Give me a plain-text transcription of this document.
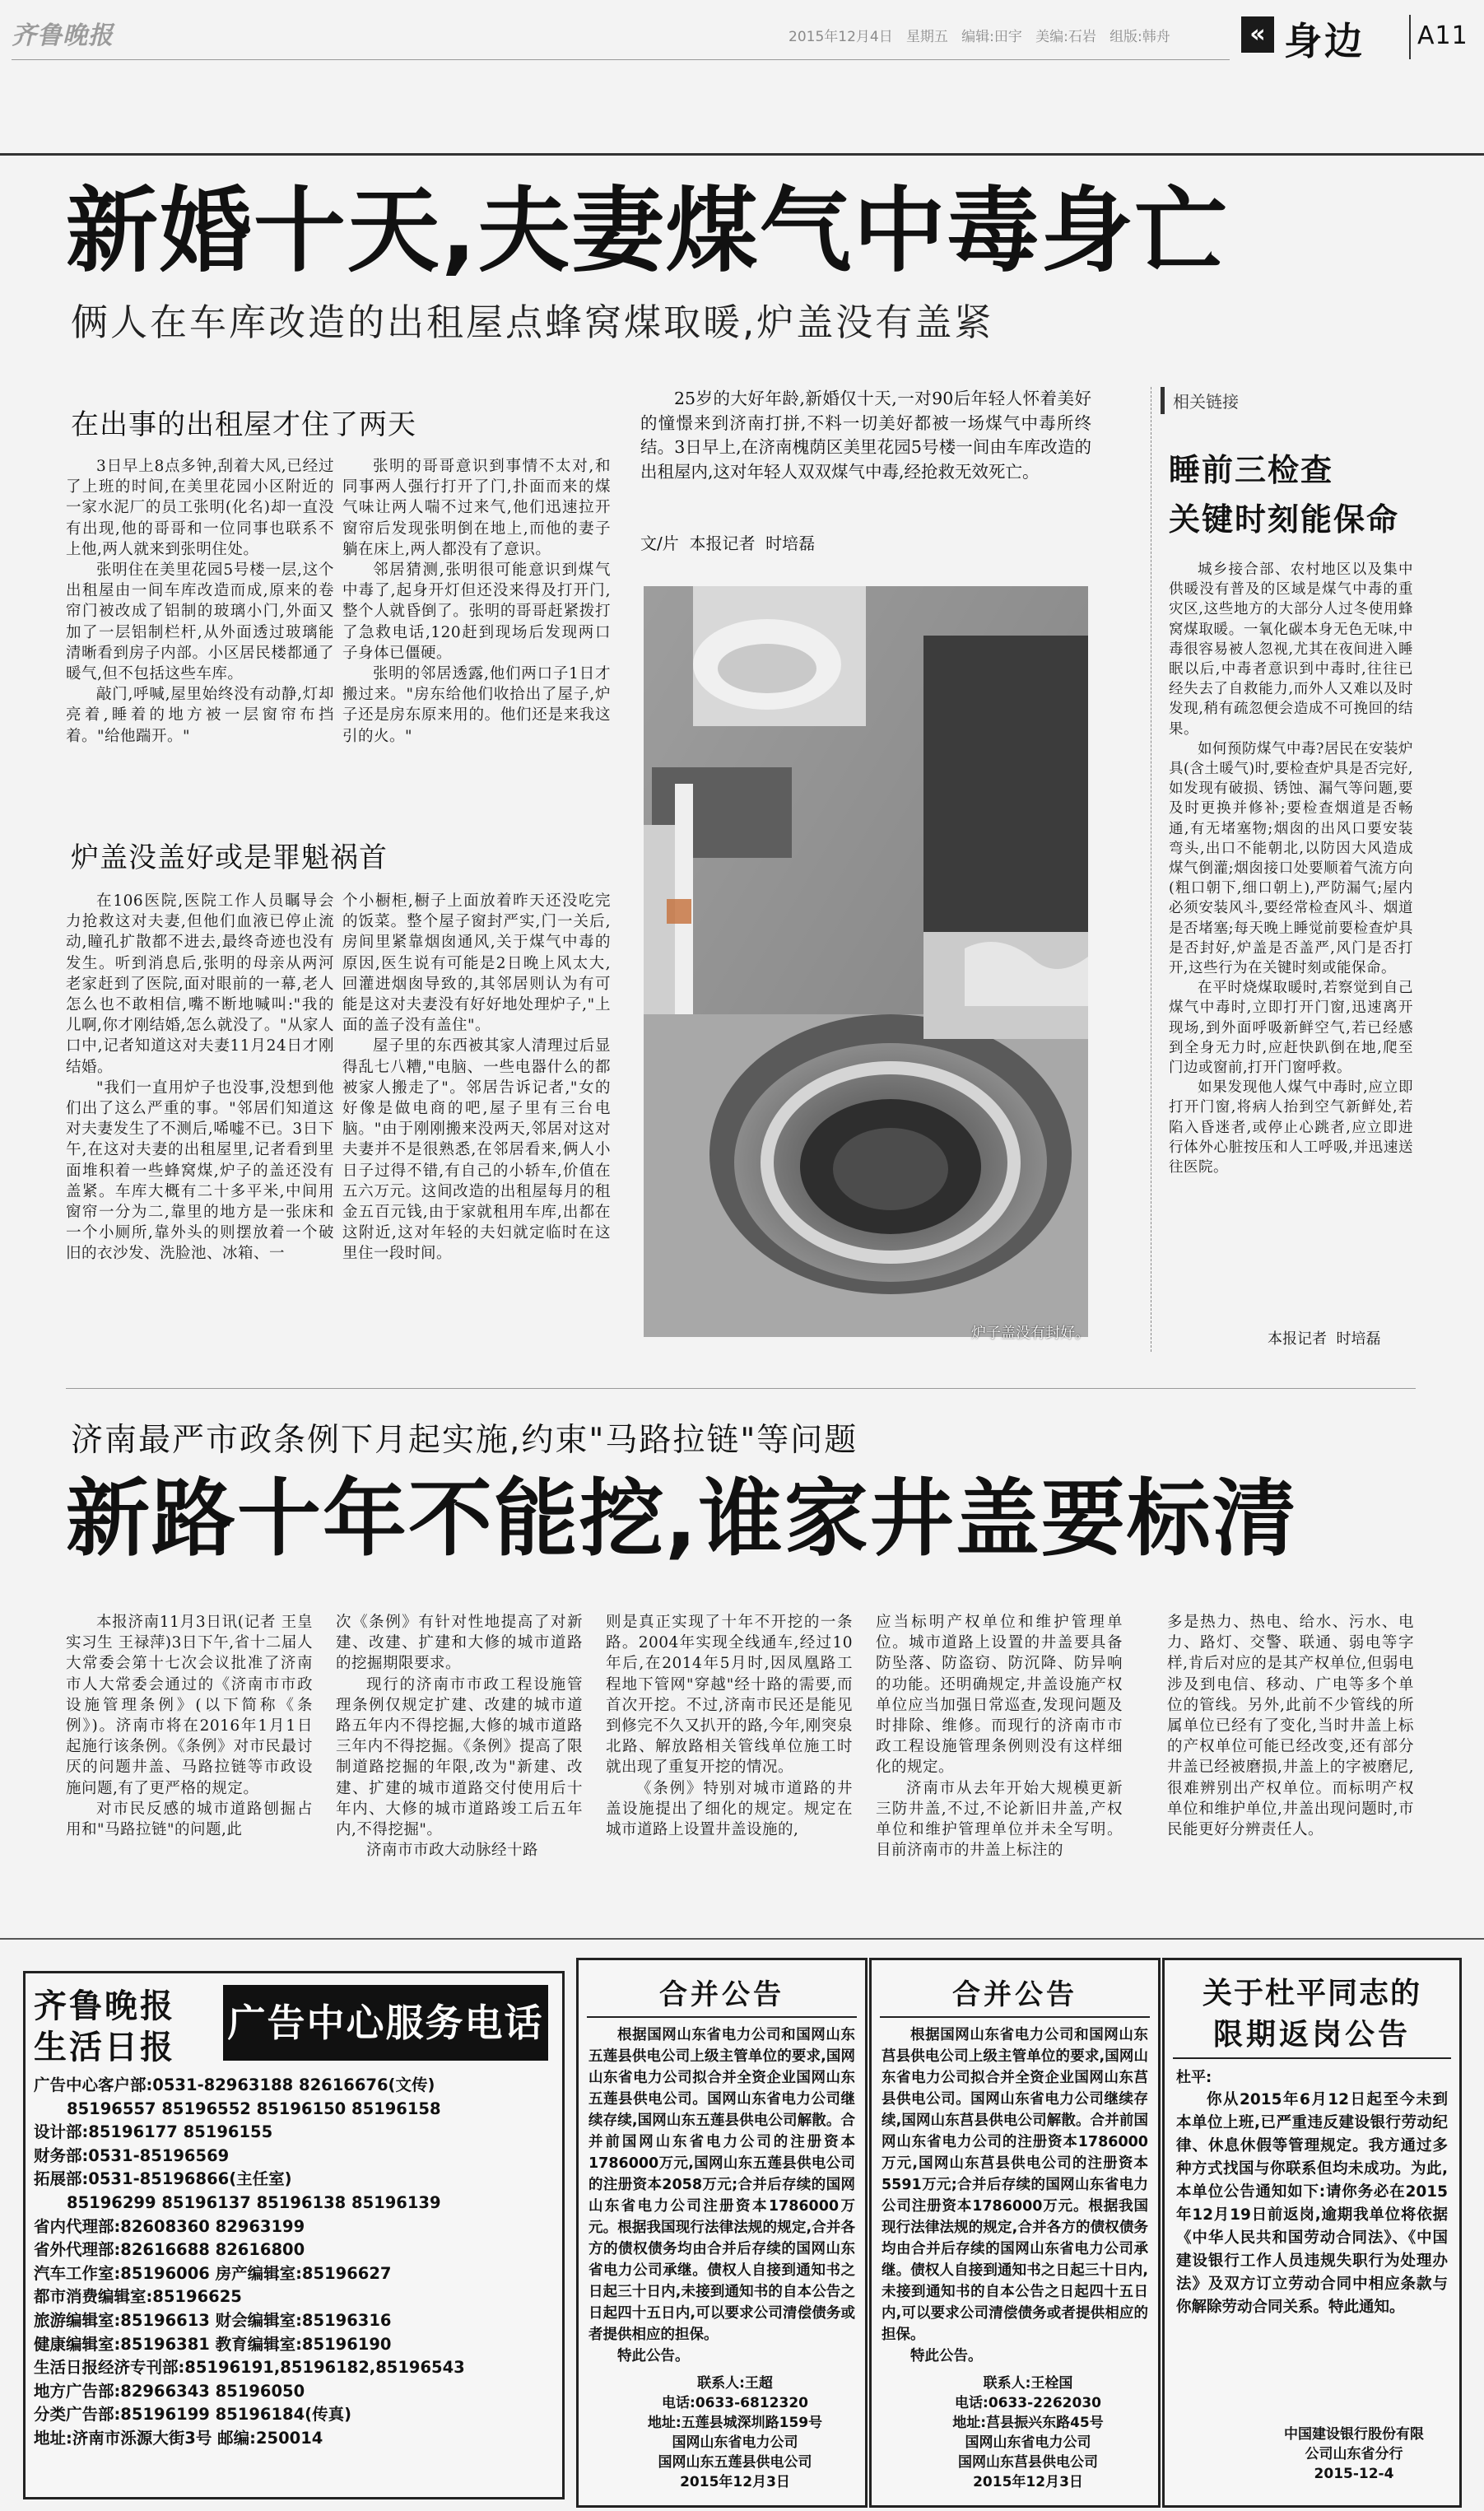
齐鲁晚报	2015年12月4日 星期五 编辑:田宇 美编:石岩 组版:韩舟	« 身边 A11
新婚十天,夫妻煤气中毒身亡
俩人在车库改造的出租屋点蜂窝煤取暖,炉盖没有盖紧
在出事的出租屋才住了两天

3日早上8点多钟,刮着大风,已经过了上班的时间,在美里花园小区附近的一家水泥厂的员工张明(化名)却一直没有出现,他的哥哥和一位同事也联系不上他,两人就来到张明住处。

张明住在美里花园5号楼一层,这个出租屋由一间车库改造而成,原来的卷帘门被改成了铝制的玻璃小门,外面又加了一层铝制栏杆,从外面透过玻璃能清晰看到房子内部。小区居民楼都通了暖气,但不包括这些车库。

敲门,呼喊,屋里始终没有动静,灯却亮着,睡着的地方被一层窗帘布挡着。"给他踹开。"

张明的哥哥意识到事情不太对,和同事两人强行打开了门,扑面而来的煤气味让两人喘不过来气,他们迅速拉开窗帘后发现张明倒在地上,而他的妻子躺在床上,两人都没有了意识。

邻居猜测,张明很可能意识到煤气中毒了,起身开灯但还没来得及打开门,整个人就昏倒了。张明的哥哥赶紧拨打了急救电话,120赶到现场后发现两口子身体已僵硬。

张明的邻居透露,他们两口子1日才搬过来。"房东给他们收拾出了屋子,炉子还是房东原来用的。他们还是来我这引的火。"

炉盖没盖好或是罪魁祸首

在106医院,医院工作人员瞩导会力抢救这对夫妻,但他们血液已停止流动,瞳孔扩散都不进去,最终奇迹也没有发生。听到消息后,张明的母亲从两河老家赶到了医院,面对眼前的一幕,老人怎么也不敢相信,嘴不断地喊叫:"我的儿啊,你才刚结婚,怎么就没了。"从家人口中,记者知道这对夫妻11月24日才刚结婚。

"我们一直用炉子也没事,没想到他们出了这么严重的事。"邻居们知道这对夫妻发生了不测后,唏嘘不已。3日下午,在这对夫妻的出租屋里,记者看到里面堆积着一些蜂窝煤,炉子的盖还没有盖紧。车库大概有二十多平米,中间用窗帘一分为二,靠里的地方是一张床和一个小厕所,靠外头的则摆放着一个破旧的衣沙发、洗脸池、冰箱、一

个小橱柜,橱子上面放着昨天还没吃完的饭菜。整个屋子窗封严实,门一关后,房间里紧靠烟囱通风,关于煤气中毒的原因,医生说有可能是2日晚上风太大,回灌进烟囱导致的,其邻居则认为有可能是这对夫妻没有好好地处理炉子,"上面的盖子没有盖住"。

屋子里的东西被其家人清理过后显得乱七八糟,"电脑、一些电器什么的都被家人搬走了"。邻居告诉记者,"女的好像是做电商的吧,屋子里有三台电脑。"由于刚刚搬来没两天,邻居对这对夫妻并不是很熟悉,在邻居看来,俩人小日子过得不错,有自己的小轿车,价值在五六万元。这间改造的出租屋每月的租金五百元钱,由于家就租用车库,出都在这附近,这对年轻的夫妇就定临时在这里住一段时间。

25岁的大好年龄,新婚仅十天,一对90后年轻人怀着美好的憧憬来到济南打拼,不料一切美好都被一场煤气中毒所终结。3日早上,在济南槐荫区美里花园5号楼一间由车库改造的出租屋内,这对年轻人双双煤气中毒,经抢救无效死亡。
文/片  本报记者  时培磊
炉子盖没有封好。
相关链接
睡前三检查
关键时刻能保命

城乡接合部、农村地区以及集中供暖没有普及的区域是煤气中毒的重灾区,这些地方的大部分人过冬使用蜂窝煤取暖。一氧化碳本身无色无味,中毒很容易被人忽视,尤其在夜间进入睡眠以后,中毒者意识到中毒时,往往已经失去了自救能力,而外人又难以及时发现,稍有疏忽便会造成不可挽回的结果。

如何预防煤气中毒?居民在安装炉具(含土暖气)时,要检查炉具是否完好,如发现有破损、锈蚀、漏气等问题,要及时更换并修补;要检查烟道是否畅通,有无堵塞物;烟囱的出风口要安装弯头,出口不能朝北,以防因大风造成煤气倒灌;烟囱接口处要顺着气流方向(粗口朝下,细口朝上),严防漏气;屋内必须安装风斗,要经常检查风斗、烟道是否堵塞;每天晚上睡觉前要检查炉具是否封好,炉盖是否盖严,风门是否打开,这些行为在关键时刻或能保命。

在平时烧煤取暖时,若察觉到自己煤气中毒时,立即打开门窗,迅速离开现场,到外面呼吸新鲜空气,若已经感到全身无力时,应赶快趴倒在地,爬至门边或窗前,打开门窗呼救。

如果发现他人煤气中毒时,应立即打开门窗,将病人抬到空气新鲜处,若陷入昏迷者,或停止心跳者,应立即进行体外心脏按压和人工呼吸,并迅速送往医院。

本报记者  时培磊
济南最严市政条例下月起实施,约束"马路拉链"等问题
新路十年不能挖,谁家井盖要标清

本报济南11月3日讯(记者 王皇 实习生 王禄萍)3日下午,省十二届人大常委会第十七次会议批准了济南市人大常委会通过的《济南市市政设施管理条例》(以下简称《条例》)。济南市将在2016年1月1日起施行该条例。《条例》对市民最讨厌的问题井盖、马路拉链等市政设施问题,有了更严格的规定。

对市民反感的城市道路刨掘占用和"马路拉链"的问题,此

次《条例》有针对性地提高了对新建、改建、扩建和大修的城市道路的挖掘期限要求。

现行的济南市市政工程设施管理条例仅规定扩建、改建的城市道路五年内不得挖掘,大修的城市道路三年内不得挖掘。《条例》提高了限制道路挖掘的年限,改为"新建、改建、扩建的城市道路交付使用后十年内、大修的城市道路竣工后五年内,不得挖掘"。

济南市市政大动脉经十路

则是真正实现了十年不开挖的一条路。2004年实现全线通车,经过10年后,在2014年5月时,因凤凰路工程地下管网"穿越"经十路的需要,而首次开挖。不过,济南市民还是能见到修完不久又扒开的路,今年,刚突泉北路、解放路相关管线单位施工时就出现了重复开挖的情况。

《条例》特别对城市道路的井盖设施提出了细化的规定。规定在城市道路上设置井盖设施的,

应当标明产权单位和维护管理单位。城市道路上设置的井盖要具备防坠落、防盗窃、防沉降、防异响的功能。还明确规定,井盖设施产权单位应当加强日常巡查,发现问题及时排除、维修。而现行的济南市市政工程设施管理条例则没有这样细化的规定。

济南市从去年开始大规模更新三防井盖,不过,不论新旧井盖,产权单位和维护管理单位并未全写明。目前济南市的井盖上标注的

多是热力、热电、给水、污水、电力、路灯、交警、联通、弱电等字样,肯后对应的是其产权单位,但弱电涉及到电信、移动、广电等多个单位的管线。另外,此前不少管线的所属单位已经有了变化,当时井盖上标的产权单位可能已经改变,还有部分井盖已经被磨损,井盖上的字被磨尼,很难辨别出产权单位。而标明产权单位和维护单位,井盖出现问题时,市民能更好分辨责任人。

齐鲁晚报
生活日报
广告中心服务电话
广告中心客户部:0531-82963188 82616676(文传)
85196557 85196552 85196150 85196158
设计部:85196177 85196155
财务部:0531-85196569
拓展部:0531-85196866(主任室)
85196299 85196137 85196138 85196139
省内代理部:82608360 82963199
省外代理部:82616688 82616800
汽车工作室:85196006 房产编辑室:85196627
都市消费编辑室:85196625
旅游编辑室:85196613 财会编辑室:85196316
健康编辑室:85196381 教育编辑室:85196190
生活日报经济专刊部:85196191,85196182,85196543
地方广告部:82966343 85196050
分类广告部:85196199 85196184(传真)
地址:济南市泺源大街3号 邮编:250014
合并公告

根据国网山东省电力公司和国网山东五莲县供电公司上级主管单位的要求,国网山东省电力公司拟合并全资企业国网山东五莲县供电公司。国网山东省电力公司继续存续,国网山东五莲县供电公司解散。合并前国网山东省电力公司的注册资本1786000万元,国网山东五莲县供电公司的注册资本2058万元;合并后存续的国网山东省电力公司注册资本1786000万元。根据我国现行法律法规的规定,合并各方的债权债务均由合并后存续的国网山东省电力公司承继。债权人自接到通知书之日起三十日内,未接到通知书的自本公告之日起四十五日内,可以要求公司清偿债务或者提供相应的担保。

特此公告。

联系人:王超
电话:0633-6812320
地址:五莲县城深圳路159号
国网山东省电力公司
国网山东五莲县供电公司
2015年12月3日
合并公告

根据国网山东省电力公司和国网山东莒县供电公司上级主管单位的要求,国网山东省电力公司拟合并全资企业国网山东莒县供电公司。国网山东省电力公司继续存续,国网山东莒县供电公司解散。合并前国网山东省电力公司的注册资本1786000万元,国网山东莒县供电公司的注册资本5591万元;合并后存续的国网山东省电力公司注册资本1786000万元。根据我国现行法律法规的规定,合并各方的债权债务均由合并后存续的国网山东省电力公司承继。债权人自接到通知书之日起三十日内,未接到通知书的自本公告之日起四十五日内,可以要求公司清偿债务或者提供相应的担保。

特此公告。

联系人:王栓国
电话:0633-2262030
地址:莒县振兴东路45号
国网山东省电力公司
国网山东莒县供电公司
2015年12月3日
关于杜平同志的
限期返岗公告
杜平:

你从2015年6月12日起至今未到本单位上班,已严重违反建设银行劳动纪律、休息休假等管理规定。我方通过多种方式找国与你联系但均未成功。为此,本单位公告通知如下:请你务必在2015年12月19日前返岗,逾期我单位将依据《中华人民共和国劳动合同法》、《中国建设银行工作人员违规失职行为处理办法》及双方订立劳动合同中相应条款与你解除劳动合同关系。特此通知。

中国建设银行股份有限
公司山东省分行
2015-12-4
